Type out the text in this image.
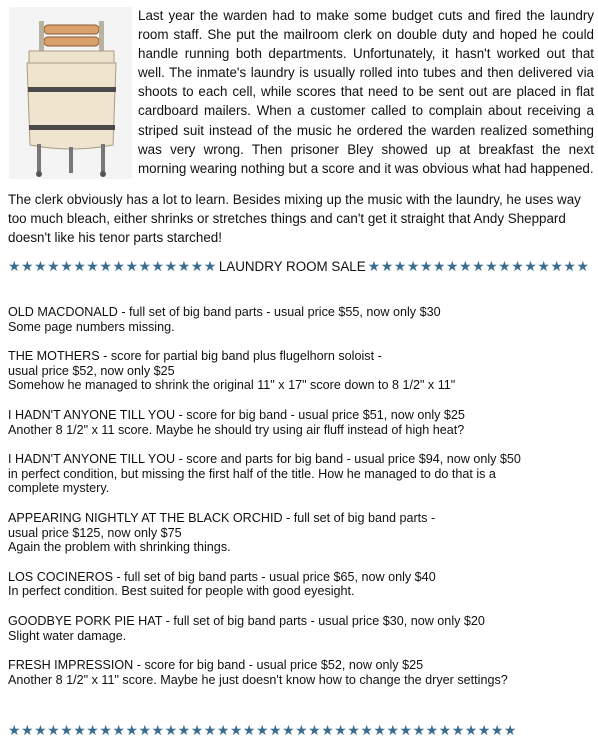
Last year the warden had to make some budget cuts and fired the laundry room staff. She put the mailroom clerk on double duty and hoped he could handle running both departments. Unfortunately, it hasn't worked out that well. The inmate's laundry is usually rolled into tubes and then delivered via shoots to each cell, while scores that need to be sent out are placed in flat cardboard mailers. When a customer called to complain about receiving a striped suit instead of the music he ordered the warden realized something was very wrong. Then prisoner Bley showed up at breakfast the next morning wearing nothing but a score and it was obvious what had happened.

The clerk obviously has a lot to learn. Besides mixing up the music with the laundry, he uses way too much bleach, either shrinks or stretches things and can't get it straight that Andy Sheppard doesn't like his tenor parts starched!

★★★★★★★★★★★★★★★★ LAUNDRY ROOM SALE ★★★★★★★★★★★★★★★★★
OLD MACDONALD - full set of big band parts - usual price $55, now only $30
Some page numbers missing.
THE MOTHERS - score for partial big band plus flugelhorn soloist -
usual price $52, now only $25
Somehow he managed to shrink the original 11" x 17" score down to 8 1/2" x 11"
I HADN'T ANYONE TILL YOU - score for big band - usual price $51, now only $25
Another 8 1/2" x 11 score. Maybe he should try using air fluff instead of high heat?
I HADN'T ANYONE TILL YOU - score and parts for big band - usual price $94, now only $50
in perfect condition, but missing the first half of the title. How he managed to do that is a
complete mystery.
APPEARING NIGHTLY AT THE BLACK ORCHID - full set of big band parts -
usual price $125, now only $75
Again the problem with shrinking things.
LOS COCINEROS - full set of big band parts - usual price $65, now only $40
In perfect condition. Best suited for people with good eyesight.
GOODBYE PORK PIE HAT - full set of big band parts - usual price $30, now only $20
Slight water damage.
FRESH IMPRESSION - score for big band - usual price $52, now only $25
Another 8 1/2" x 11" score. Maybe he just doesn't know how to change the dryer settings?
★★★★★★★★★★★★★★★★★★★★★★★★★★★★★★★★★★★★★★★
